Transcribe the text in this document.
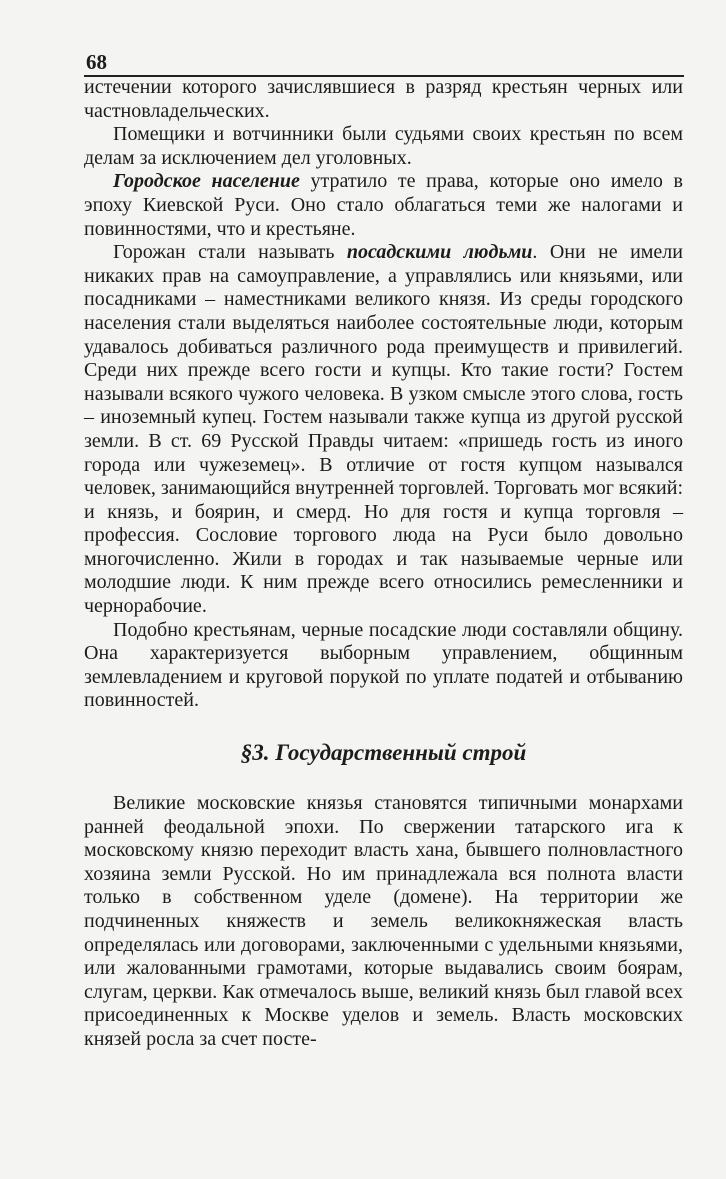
68

истечении которого зачислявшиеся в разряд крестьян черных или частновладельческих.

Помещики и вотчинники были судьями своих крестьян по всем делам за исключением дел уголовных.

Городское население утратило те права, которые оно имело в эпоху Киевской Руси. Оно стало облагаться теми же налогами и повинностями, что и крестьяне.

Горожан стали называть посадскими людьми. Они не имели никаких прав на самоуправление, а управлялись или князьями, или посадниками – наместниками великого князя. Из среды городского населения стали выделяться наиболее состоятельные люди, которым удавалось добиваться различного рода преимуществ и привилегий. Среди них прежде всего гости и купцы. Кто такие гости? Гостем называли всякого чужого человека. В узком смысле этого слова, гость – иноземный купец. Гостем называли также купца из другой русской земли. В ст. 69 Русской Правды читаем: «пришедь гость из иного города или чужеземец». В отличие от гостя купцом назывался человек, занимающийся внутренней торговлей. Торговать мог всякий: и князь, и боярин, и смерд. Но для гостя и купца торговля – профессия. Сословие торгового люда на Руси было довольно многочисленно. Жили в городах и так называемые черные или молодшие люди. К ним прежде всего относились ремесленники и чернорабочие.

Подобно крестьянам, черные посадские люди составляли общину. Она характеризуется выборным управлением, общинным землевладением и круговой порукой по уплате податей и отбыванию повинностей.

§3. Государственный строй

Великие московские князья становятся типичными монархами ранней феодальной эпохи. По свержении татарского ига к московскому князю переходит власть хана, бывшего полновластного хозяина земли Русской. Но им принадлежала вся полнота власти только в собственном уделе (домене). На территории же подчиненных княжеств и земель великокняжеская власть определялась или договорами, заключенными с удельными князьями, или жалованными грамотами, которые выдавались своим боярам, слугам, церкви. Как отмечалось выше, великий князь был главой всех присоединенных к Москве уделов и земель. Власть московских князей росла за счет посте-
